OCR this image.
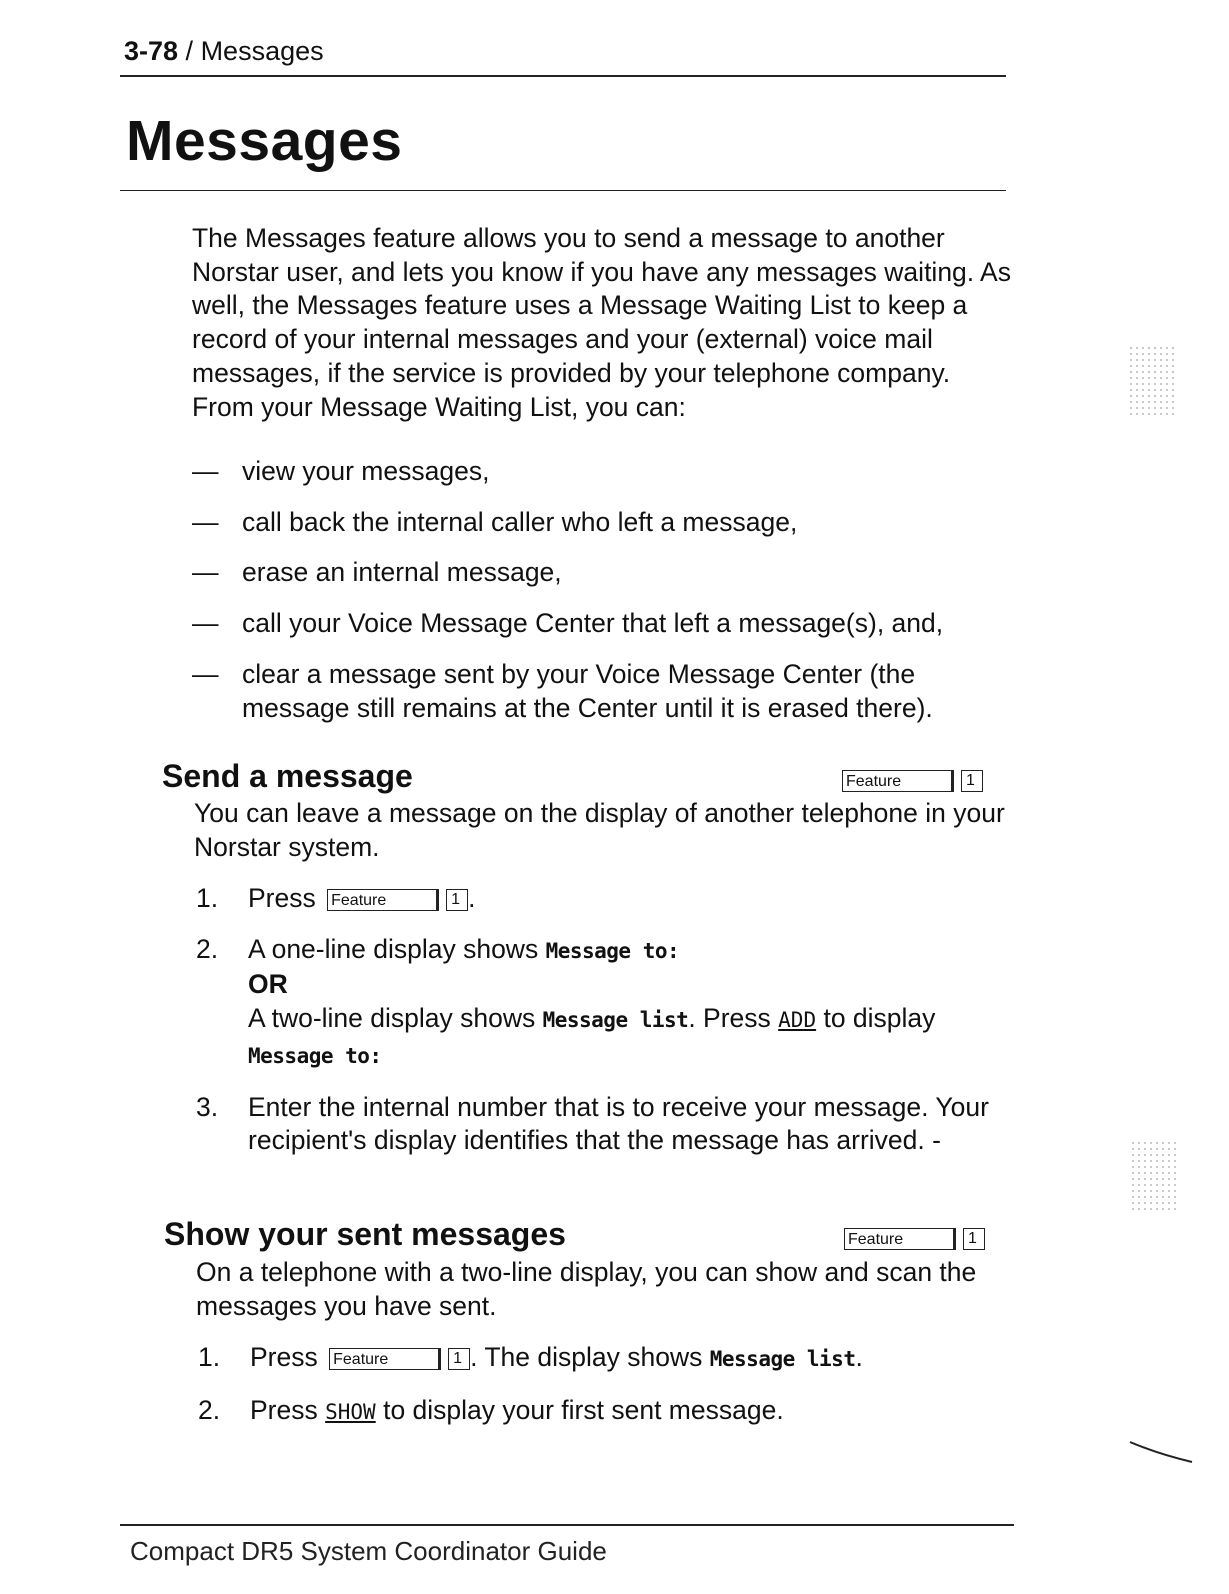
3-78 / Messages
Messages
The Messages feature allows you to send a message to another Norstar user, and lets you know if you have any messages waiting. As well, the Messages feature uses a Message Waiting List to keep a record of your internal messages and your (external) voice mail messages, if the service is provided by your telephone company. From your Message Waiting List, you can:
— view your messages,
— call back the internal caller who left a message,
— erase an internal message,
— call your Voice Message Center that left a message(s), and,
— clear a message sent by your Voice Message Center (the message still remains at the Center until it is erased there).
Send a message	Feature	1
You can leave a message on the display of another telephone in your Norstar system.
1. Press Feature	1 .
2. A one-line display shows Message to:
OR
A two-line display shows Message list. Press ADD to display Message to:
3. Enter the internal number that is to receive your message. Your recipient's display identifies that the message has arrived. -
Show your sent messages	Feature	1
On a telephone with a two-line display, you can show and scan the messages you have sent.
1. Press Feature	1 . The display shows Message list.
2. Press SHOW to display your first sent message.
Compact DR5 System Coordinator Guide
